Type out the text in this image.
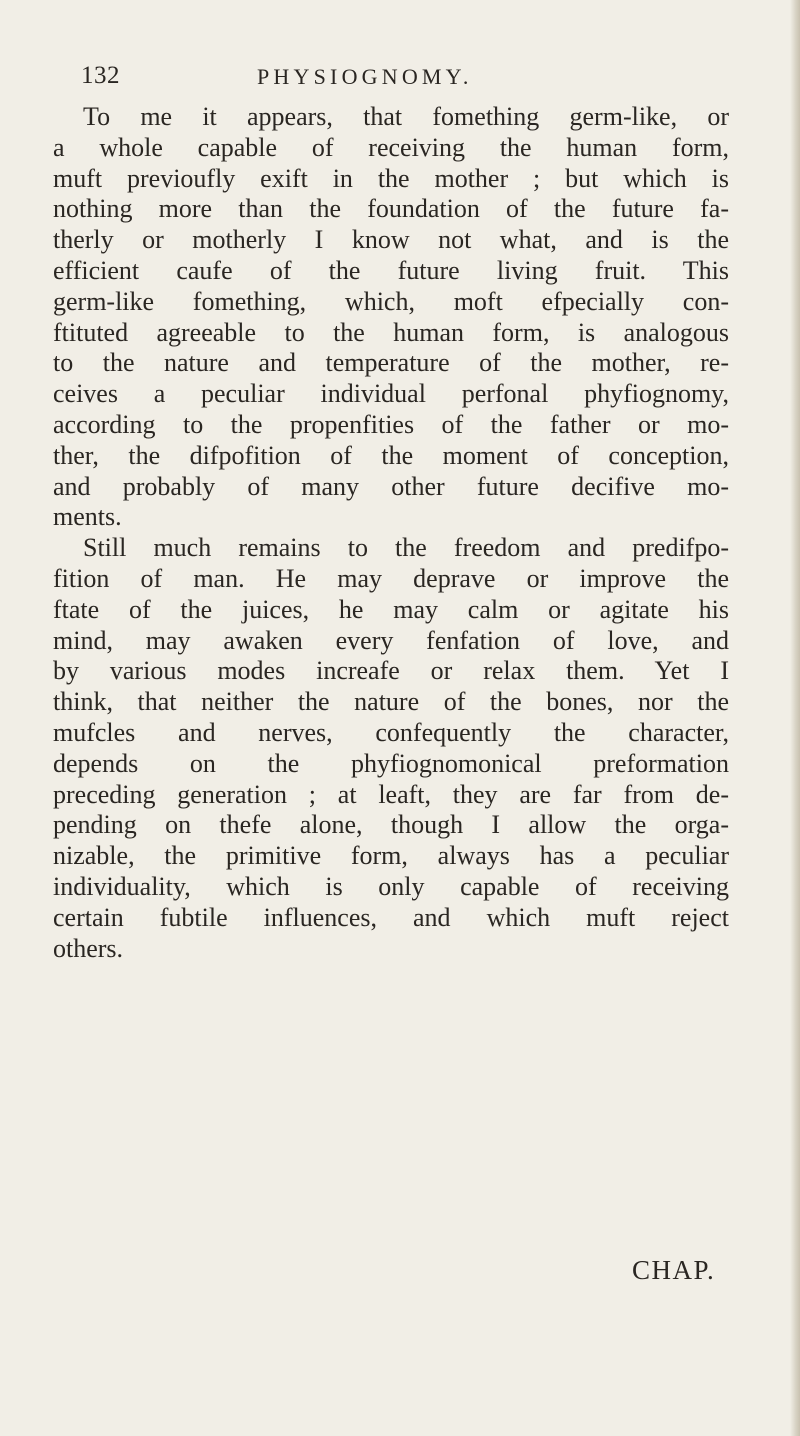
132	PHYSIOGNOMY.
To me it appears, that fomething germ-like, or
a whole capable of receiving the human form,
muft previoufly exift in the mother ; but which is
nothing more than the foundation of the future fa-
therly or motherly I know not what, and is the
efficient caufe of the future living fruit. This
germ-like fomething, which, moft efpecially con-
ftituted agreeable to the human form, is analogous
to the nature and temperature of the mother, re-
ceives a peculiar individual perfonal phyfiognomy,
according to the propenfities of the father or mo-
ther, the difpofition of the moment of conception,
and probably of many other future decifive mo-
ments.
Still much remains to the freedom and predifpo-
fition of man. He may deprave or improve the
ftate of the juices, he may calm or agitate his
mind, may awaken every fenfation of love, and
by various modes increafe or relax them. Yet I
think, that neither the nature of the bones, nor the
mufcles and nerves, confequently the character,
depends on the phyfiognomonical preformation
preceding generation ; at leaft, they are far from de-
pending on thefe alone, though I allow the orga-
nizable, the primitive form, always has a peculiar
individuality, which is only capable of receiving
certain fubtile influences, and which muft reject
others.
CHAP.
